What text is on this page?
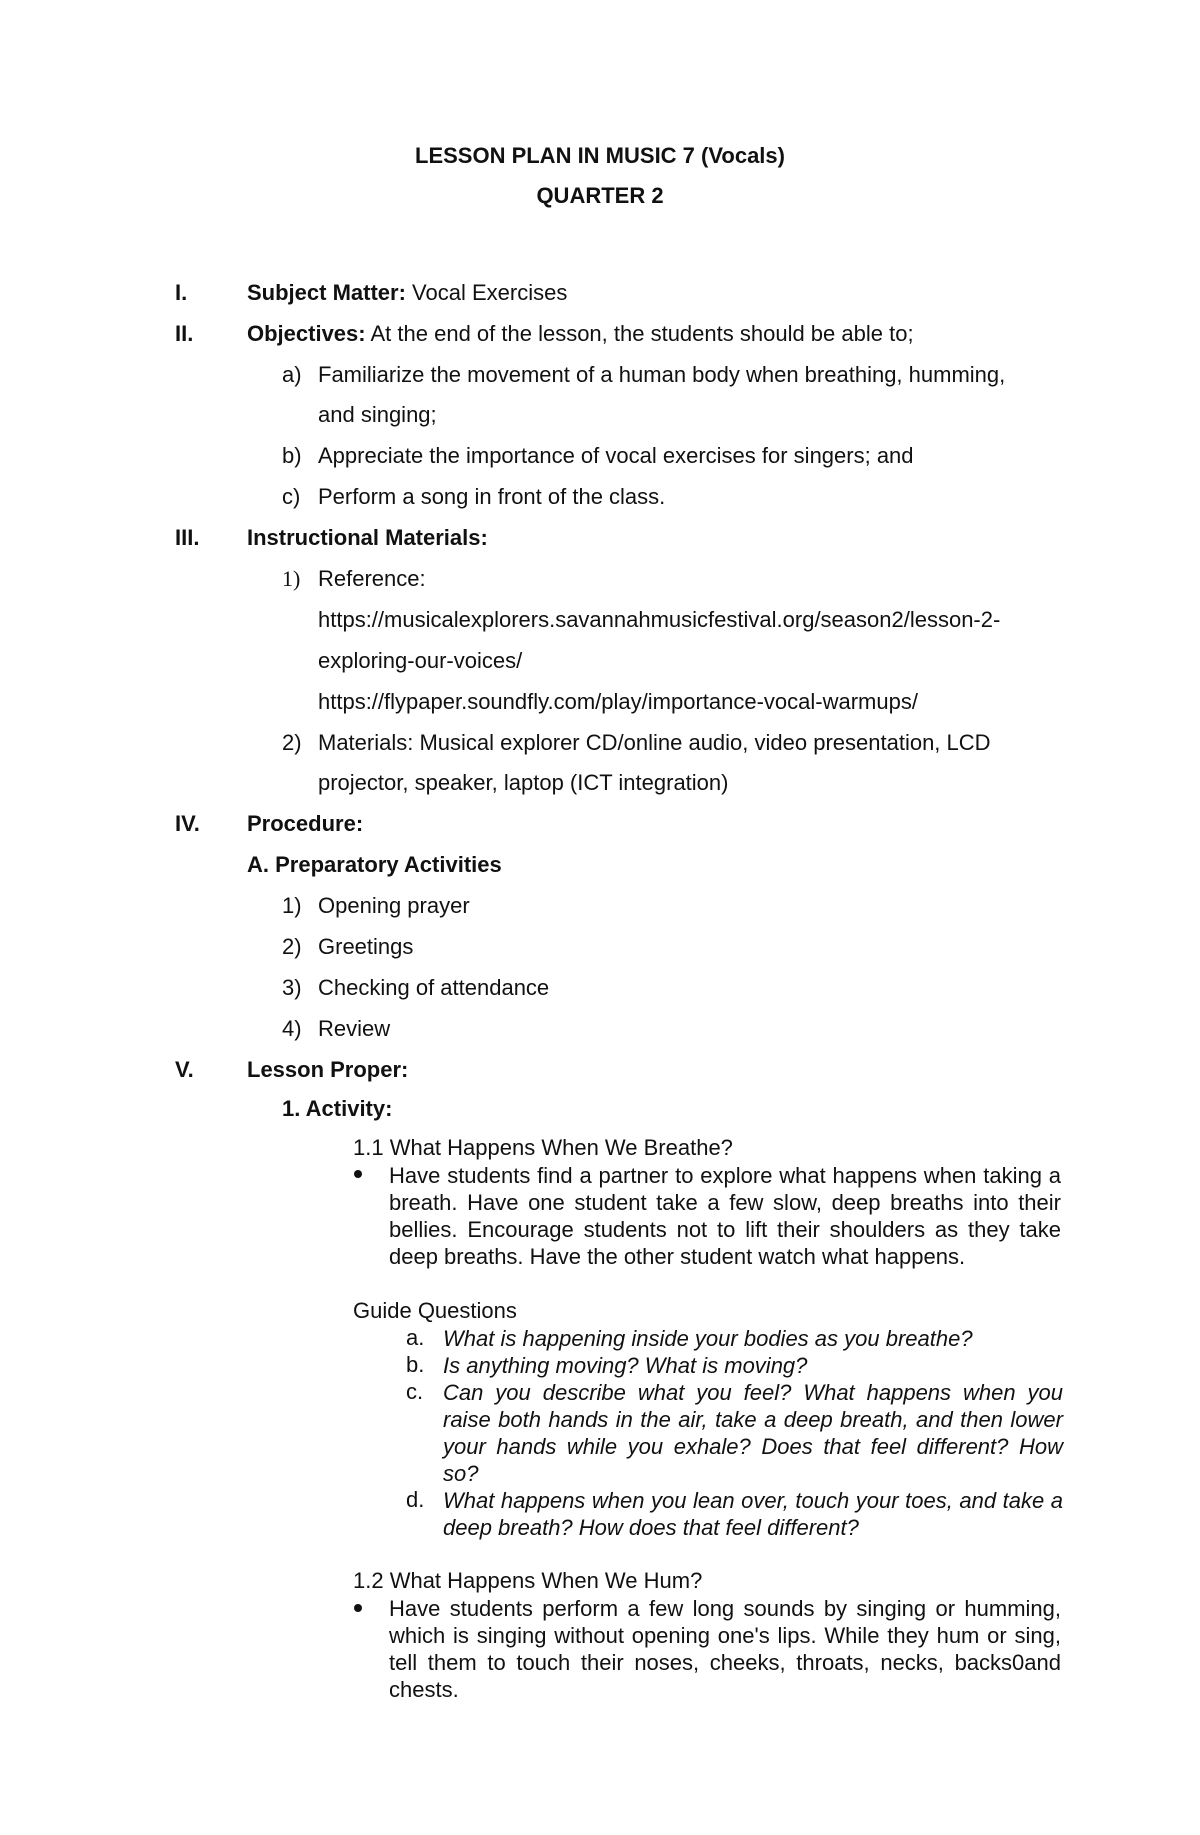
LESSON PLAN IN MUSIC 7 (Vocals)
QUARTER 2
I.	Subject Matter: Vocal Exercises
II. Objectives: At the end of the lesson, the students should be able to;
a) Familiarize the movement of a human body when breathing, humming,
and singing;
b) Appreciate the importance of vocal exercises for singers; and
c) Perform a song in front of the class.
III. Instructional Materials:
1) Reference:
https://musicalexplorers.savannahmusicfestival.org/season2/lesson-2-
exploring-our-voices/
https://flypaper.soundfly.com/play/importance-vocal-warmups/
2) Materials: Musical explorer CD/online audio, video presentation, LCD
projector, speaker, laptop (ICT integration)
IV. Procedure:
A. Preparatory Activities
1) Opening prayer
2) Greetings
3) Checking of attendance
4) Review
V. Lesson Proper:
1. Activity:
1.1 What Happens When We Breathe?
Have students find a partner to explore what happens when taking a breath. Have one student take a few slow, deep breaths into their bellies. Encourage students not to lift their shoulders as they take deep breaths. Have the other student watch what happens.
Guide Questions
a. What is happening inside your bodies as you breathe?
b. Is anything moving? What is moving?
c. Can you describe what you feel? What happens when you raise both hands in the air, take a deep breath, and then lower your hands while you exhale? Does that feel different? How so?
d. What happens when you lean over, touch your toes, and take a deep breath? How does that feel different?
1.2 What Happens When We Hum?
Have students perform a few long sounds by singing or humming, which is singing without opening one's lips. While they hum or sing, tell them to touch their noses, cheeks, throats, necks, backs0and chests.
